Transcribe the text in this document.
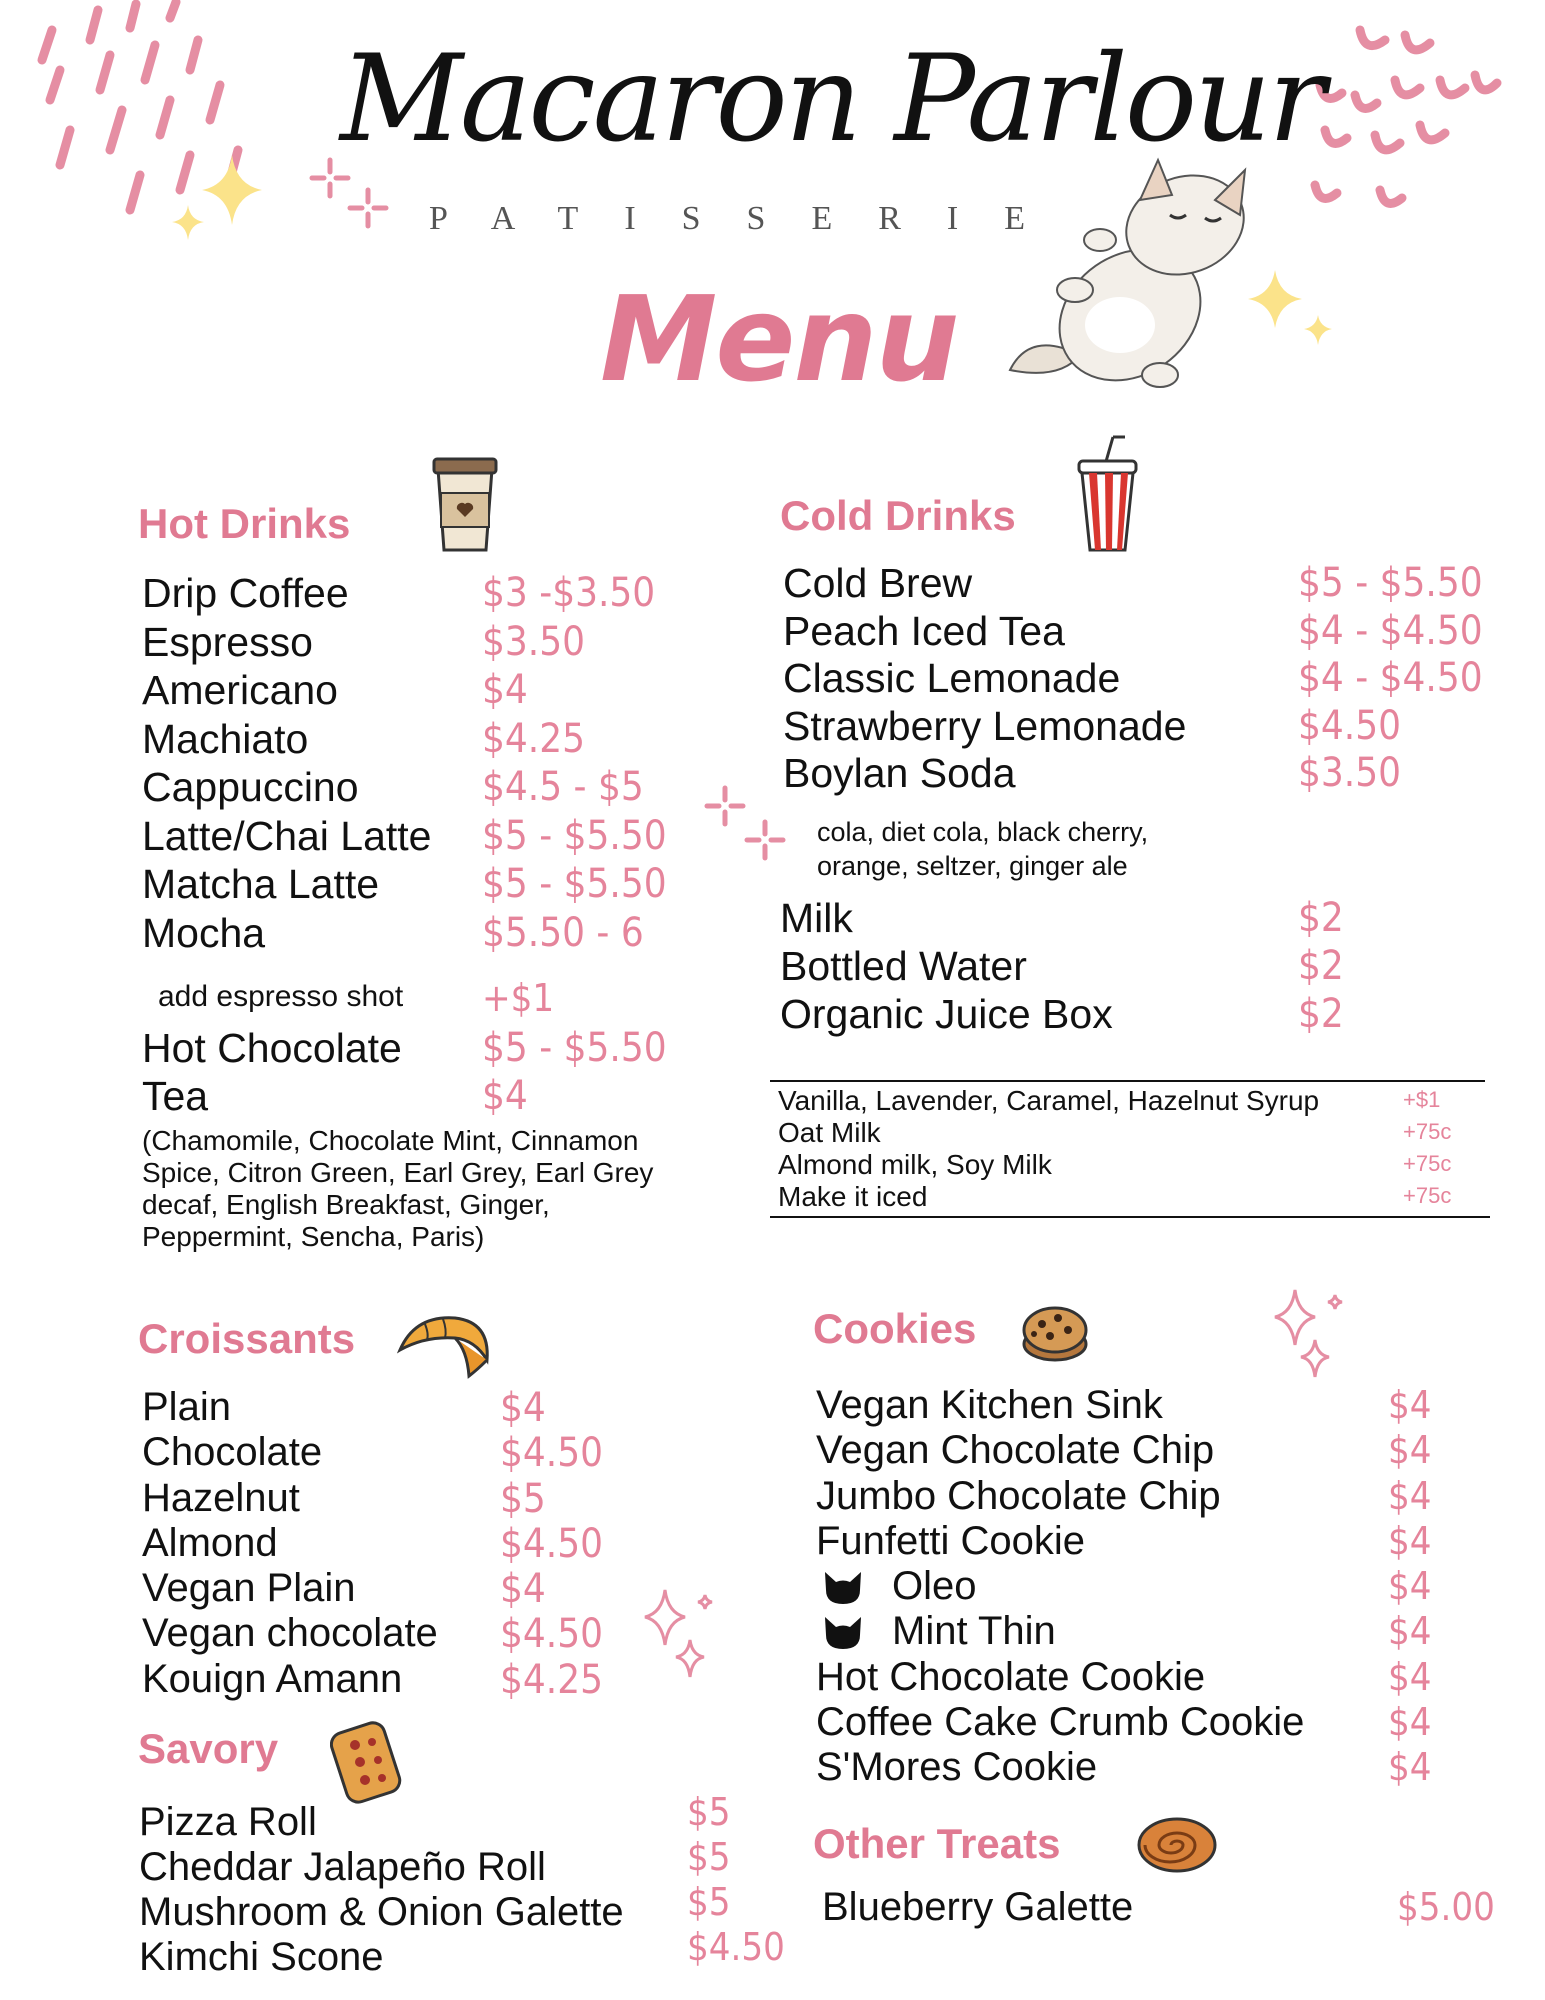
Macaron Parlour
PATISSERIE
Menu
Hot Drinks
Drip Coffee	$3 -$3.50
Espresso	$3.50
Americano	$4
Machiato	$4.25
Cappuccino	$4.5 - $5
Latte/Chai Latte $5 - $5.50
Matcha Latte	$5 - $5.50
Mocha	$5.50 - 6
add espresso shot +$1
Hot Chocolate $5 - $5.50
Tea	$4
(Chamomile, Chocolate Mint, Cinnamon Spice, Citron Green, Earl Grey, Earl Grey decaf, English Breakfast, Ginger, Peppermint, Sencha, Paris)
Cold Drinks
Cold Brew	$5 - $5.50
Peach Iced Tea	$4 - $4.50
Classic Lemonade	$4 - $4.50
Strawberry Lemonade	$4.50
Boylan Soda	$3.50
cola, diet cola, black cherry, orange, seltzer, ginger ale
Milk	$2
Bottled Water	$2
Organic Juice Box	$2
Vanilla, Lavender, Caramel, Hazelnut Syrup	+$1
Oat Milk	+75c
Almond milk, Soy Milk	+75c
Make it iced	+75c
Croissants
Plain	$4
Chocolate	$4.50
Hazelnut	$5
Almond	$4.50
Vegan Plain	$4
Vegan chocolate $4.50
Kouign Amann $4.25
Savory
Pizza Roll	$5
Cheddar Jalapeño Roll	$5
Mushroom & Onion Galette $5
Kimchi Scone	$4.50
Cookies
Vegan Kitchen Sink	$4
Vegan Chocolate Chip	$4
Jumbo Chocolate Chip	$4
Funfetti Cookie	$4
Oleo	$4
Mint Thin	$4
Hot Chocolate Cookie	$4
Coffee Cake Crumb Cookie $4
S'Mores Cookie	$4
Other Treats
Blueberry Galette	$5.00
